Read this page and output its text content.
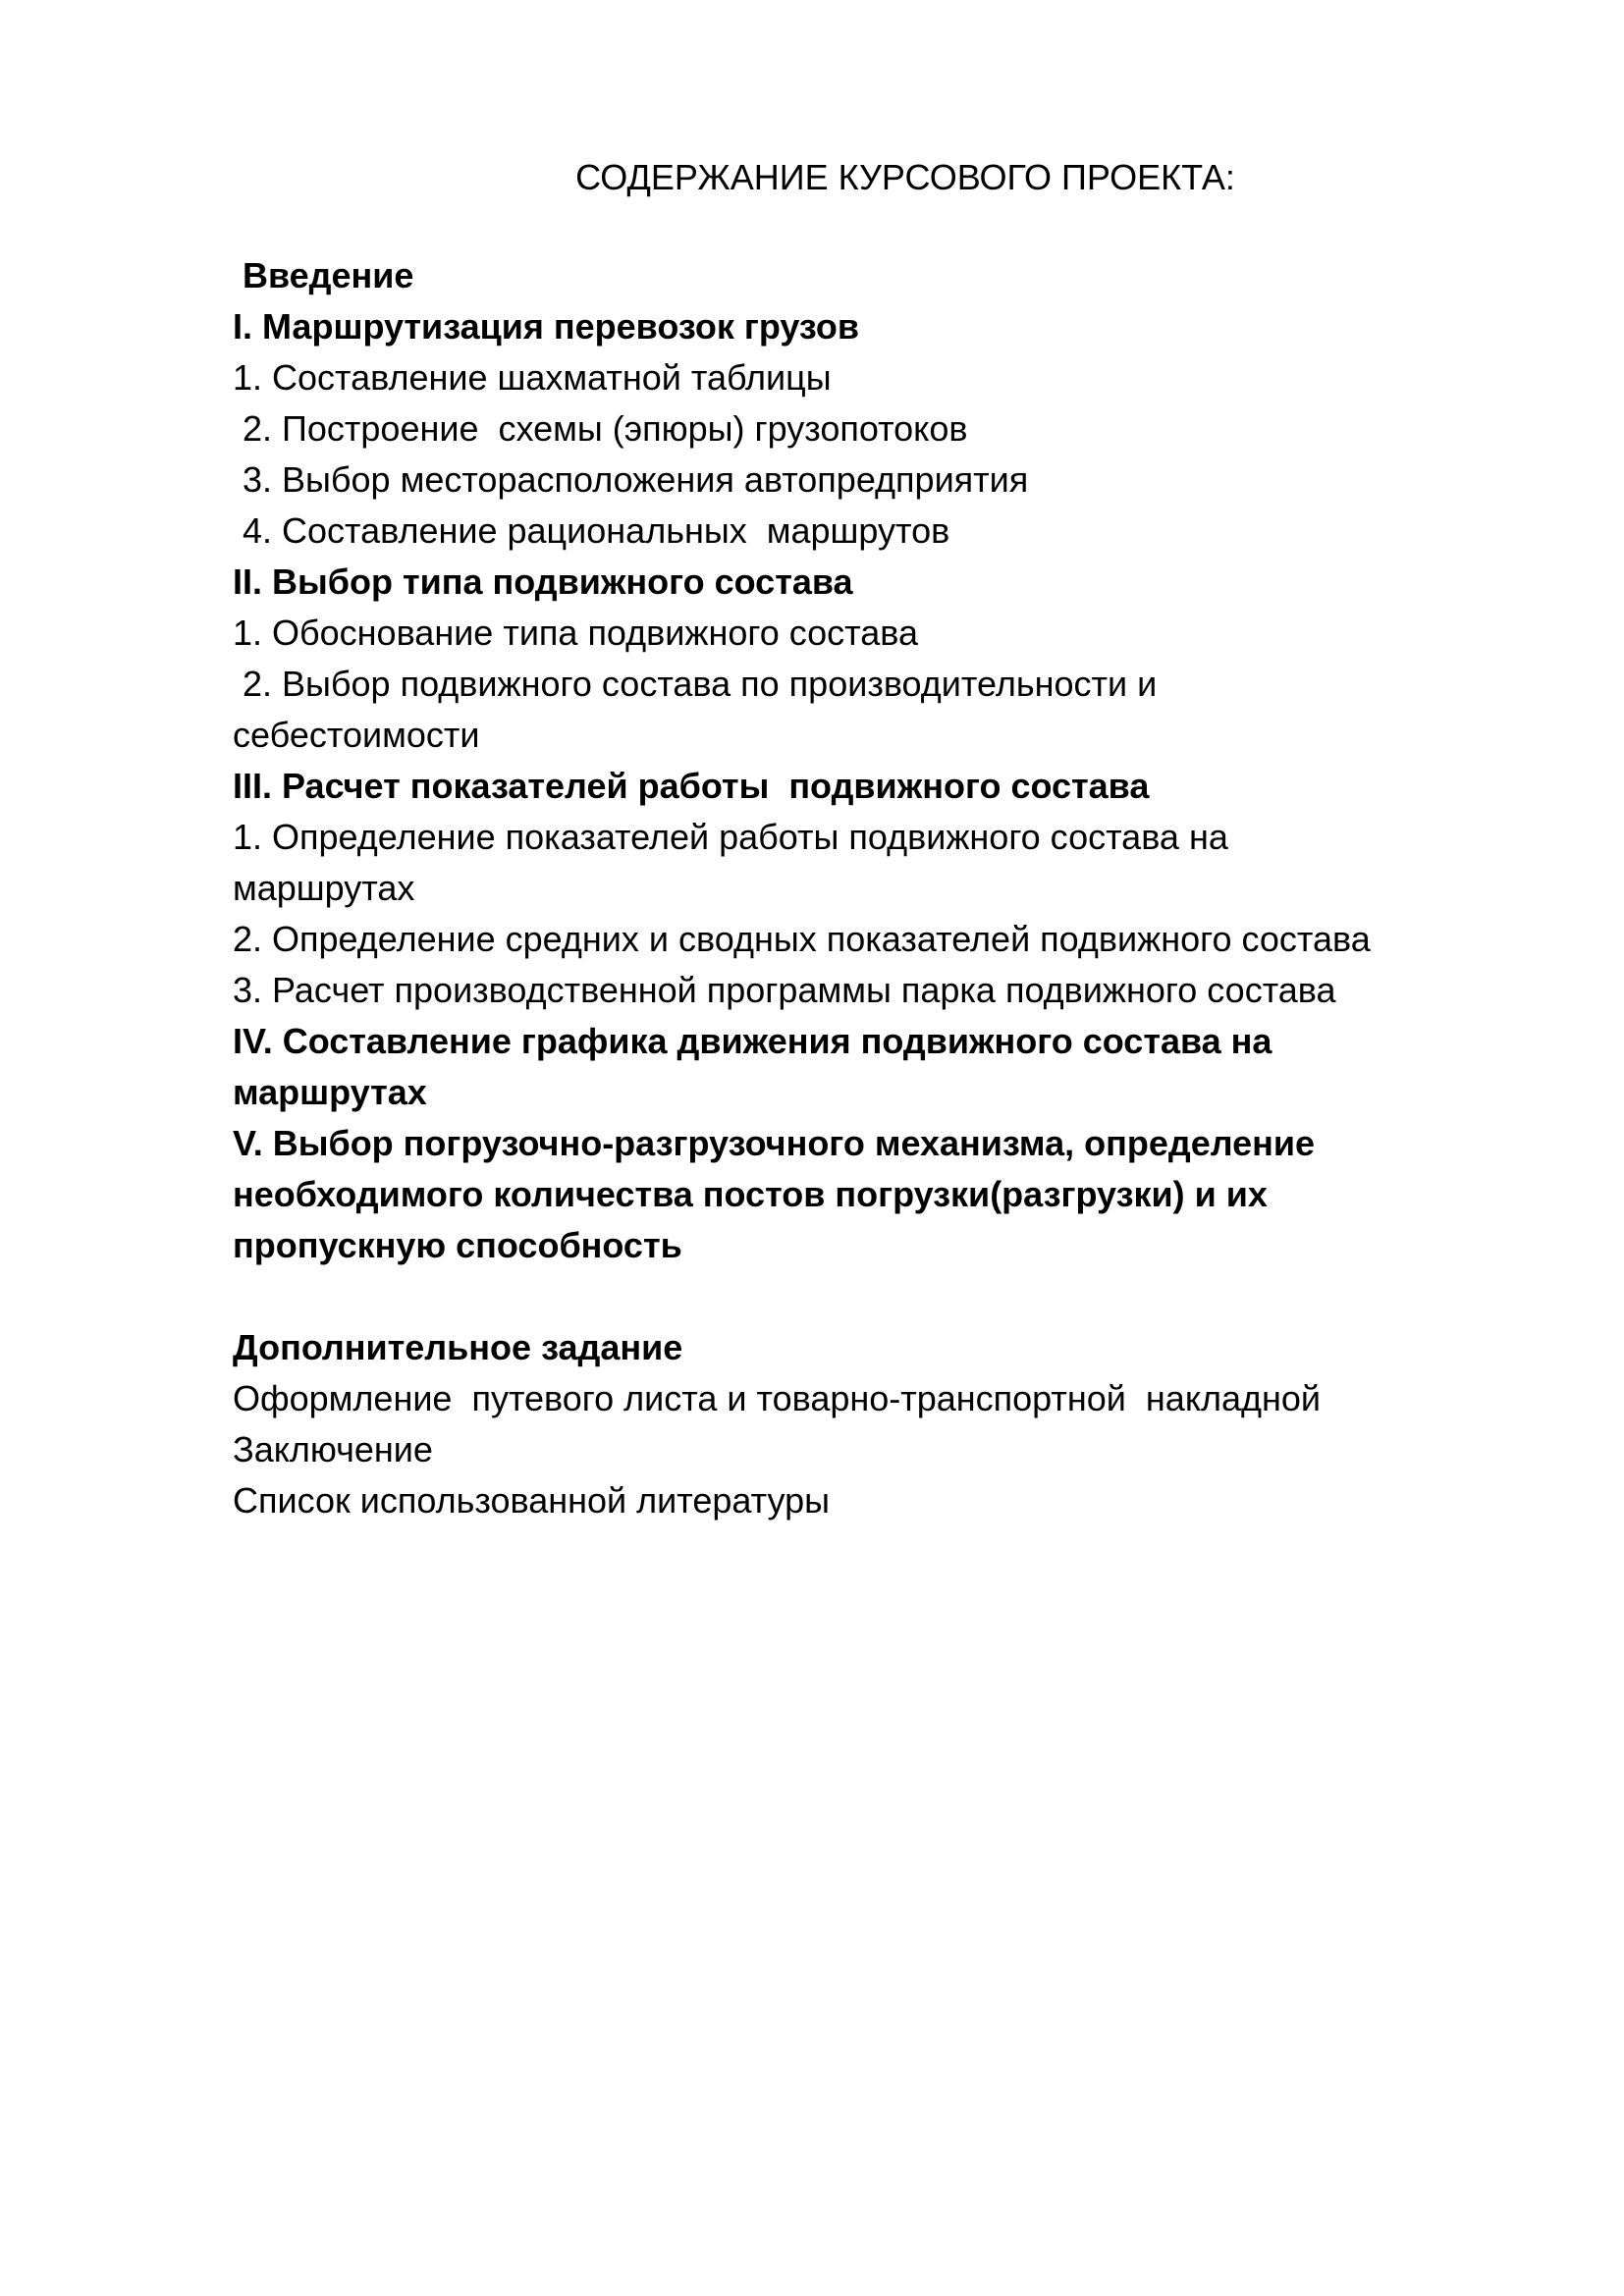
СОДЕРЖАНИЕ КУРСОВОГО ПРОЕКТА:
Введение
I. Маршрутизация перевозок грузов
1. Составление шахматной таблицы
2. Построение  схемы (эпюры) грузопотоков
3. Выбор месторасположения автопредприятия
4. Составление рациональных  маршрутов
II. Выбор типа подвижного состава
1. Обоснование типа подвижного состава
2. Выбор подвижного состава по производительности и
себестоимости
III. Расчет показателей работы  подвижного состава
1. Определение показателей работы подвижного состава на
маршрутах
2. Определение средних и сводных показателей подвижного состава
3. Расчет производственной программы парка подвижного состава
IV. Составление графика движения подвижного состава на
маршрутах
V. Выбор погрузочно-разгрузочного механизма, определение
необходимого количества постов погрузки(разгрузки) и их
пропускную способность
Дополнительное задание
Оформление  путевого листа и товарно-транспортной  накладной
Заключение
Список использованной литературы
